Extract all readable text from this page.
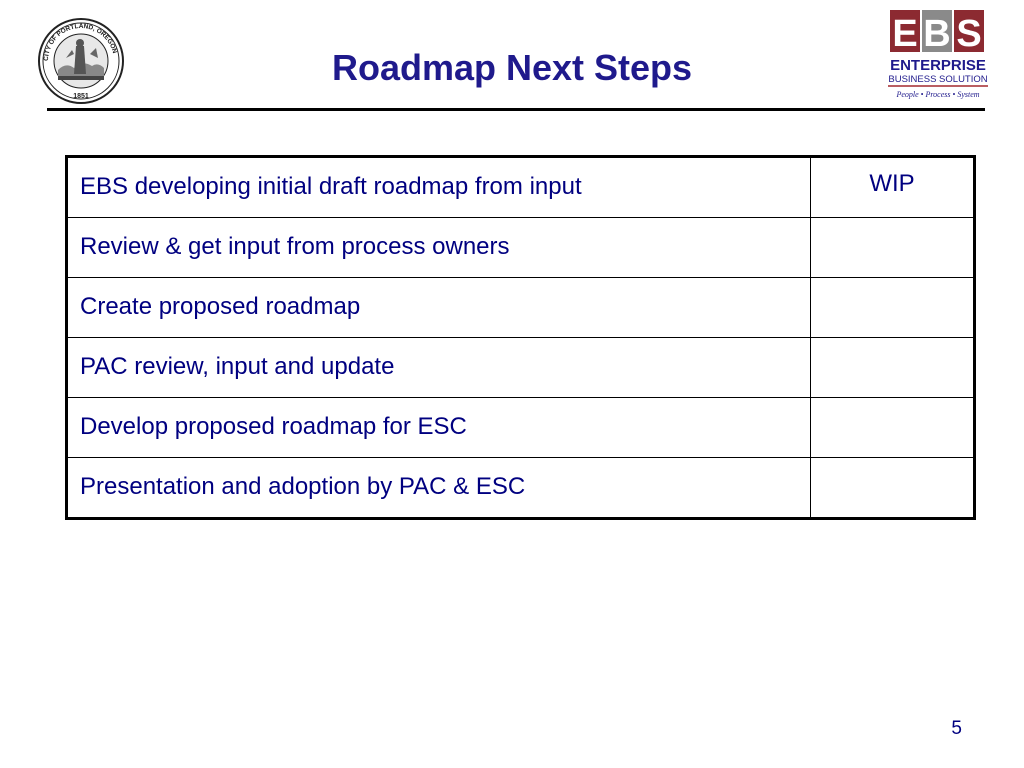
CITY OF PORTLAND, OREGON
1851
Roadmap Next Steps
E B S
ENTERPRISE
BUSINESS SOLUTION
People • Process • System
EBS developing initial draft roadmap from input	WIP
Review & get input from process owners	
Create proposed roadmap	
PAC review, input and update	
Develop proposed roadmap for ESC	
Presentation and adoption by PAC & ESC	
5
